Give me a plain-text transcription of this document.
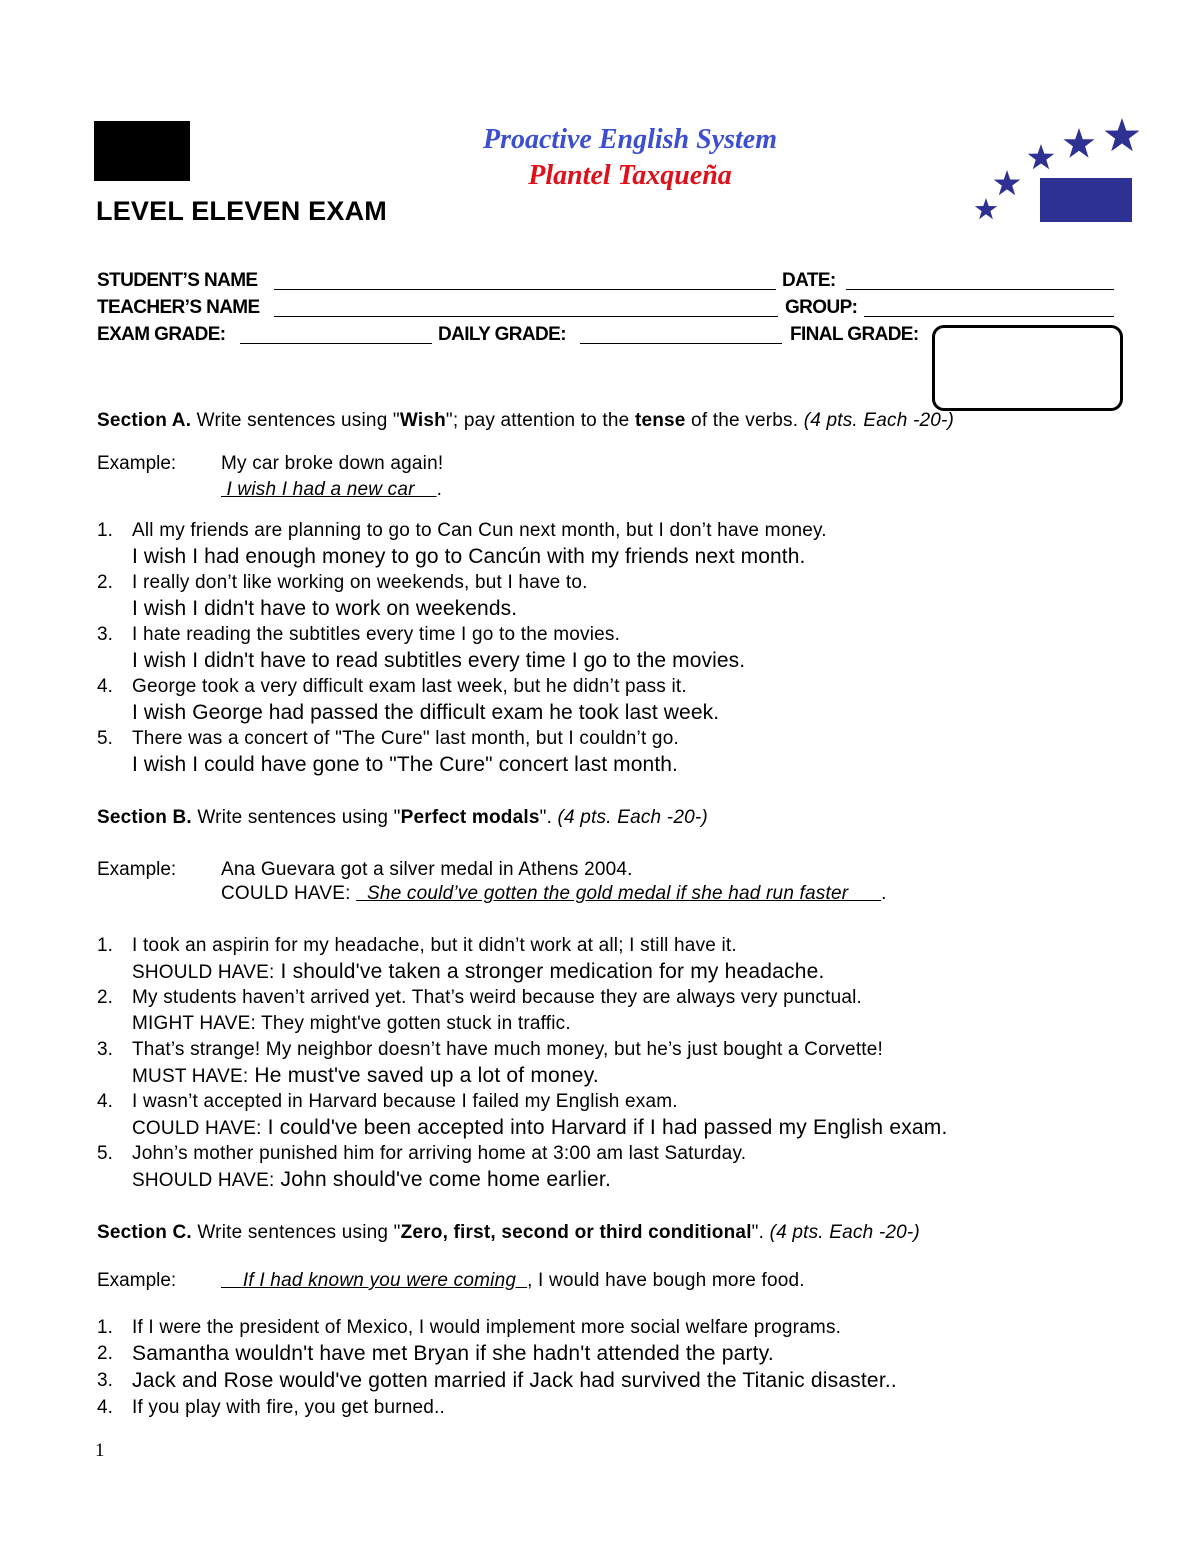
Proactive English System
Plantel Taxqueña
LEVEL ELEVEN EXAM
STUDENT’S NAME	DATE:
TEACHER’S NAME	GROUP:
EXAM GRADE:	DAILY GRADE:	FINAL GRADE:
Section A. Write sentences using "Wish"; pay attention to the tense of the verbs. (4 pts. Each -20-)
Example: My car broke down again!
I wish I had a new car    .
1. All my friends are planning to go to Can Cun next month, but I don’t have money.
I wish I had enough money to go to Cancún with my friends next month.
2. I really don’t like working on weekends, but I have to.
I wish I didn't have to work on weekends.
3. I hate reading the subtitles every time I go to the movies.
I wish I didn't have to read subtitles every time I go to the movies.
4. George took a very difficult exam last week, but he didn’t pass it.
I wish George had passed the difficult exam he took last week.
5. There was a concert of "The Cure" last month, but I couldn’t go.
I wish I could have gone to "The Cure" concert last month.
Section B. Write sentences using "Perfect modals". (4 pts. Each -20-)
Example: Ana Guevara got a silver medal in Athens 2004.
COULD HAVE:   She could’ve gotten the gold medal if she had run faster      .
1. I took an aspirin for my headache, but it didn’t work at all; I still have it.
SHOULD HAVE: I should've taken a stronger medication for my headache.
2. My students haven’t arrived yet. That’s weird because they are always very punctual.
MIGHT HAVE: They might've gotten stuck in traffic.
3. That’s strange! My neighbor doesn’t have much money, but he’s just bought a Corvette!
MUST HAVE: He must've saved up a lot of money.
4. I wasn’t accepted in Harvard because I failed my English exam.
COULD HAVE: I could've been accepted into Harvard if I had passed my English exam.
5. John’s mother punished him for arriving home at 3:00 am last Saturday.
SHOULD HAVE: John should've come home earlier.
Section C. Write sentences using "Zero, first, second or third conditional". (4 pts. Each -20-)
Example: If I had known you were coming  , I would have bough more food.
1. If I were the president of Mexico, I would implement more social welfare programs.
2. Samantha wouldn't have met Bryan if she hadn't attended the party.
3. Jack and Rose would've gotten married if Jack had survived the Titanic disaster..
4. If you play with fire, you get burned..
1
